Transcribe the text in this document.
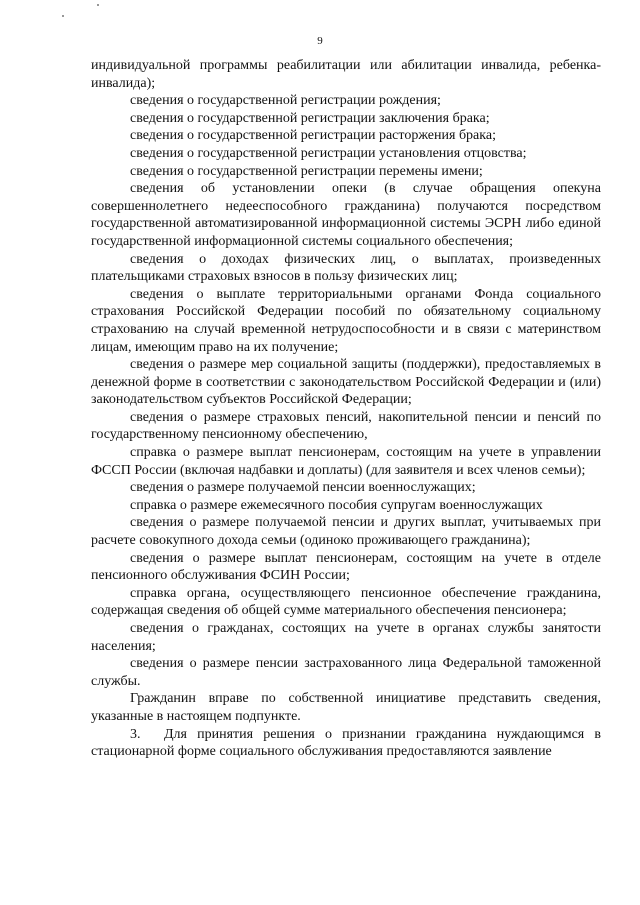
9

индивидуальной программы реабилитации или абилитации инвалида, ребенка-инвалида);

сведения о государственной регистрации рождения;

сведения о государственной регистрации заключения брака;

сведения о государственной регистрации расторжения брака;

сведения о государственной регистрации установления отцовства;

сведения о государственной регистрации перемены имени;

сведения об установлении опеки (в случае обращения опекуна совершеннолетнего недееспособного гражданина) получаются посредством государственной автоматизированной информационной системы ЭСРН либо единой государственной информационной системы социального обеспечения;

сведения о доходах физических лиц, о выплатах, произведенных плательщиками страховых взносов в пользу физических лиц;

сведения о выплате территориальными органами Фонда социального страхования Российской Федерации пособий по обязательному социальному страхованию на случай временной нетрудоспособности и в связи с материнством лицам, имеющим право на их получение;

сведения о размере мер социальной защиты (поддержки), предоставляемых в денежной форме в соответствии с законодательством Российской Федерации и (или) законодательством субъектов Российской Федерации;

сведения о размере страховых пенсий, накопительной пенсии и пенсий по государственному пенсионному обеспечению,

справка о размере выплат пенсионерам, состоящим на учете в управлении ФССП России (включая надбавки и доплаты) (для заявителя и всех членов семьи);

сведения о размере получаемой пенсии военнослужащих;

справка о размере ежемесячного пособия супругам военнослужащих

сведения о размере получаемой пенсии и других выплат, учитываемых при расчете совокупного дохода семьи (одиноко проживающего гражданина);

сведения о размере выплат пенсионерам, состоящим на учете в отделе пенсионного обслуживания ФСИН России;

справка органа, осуществляющего пенсионное обеспечение гражданина, содержащая сведения об общей сумме материального обеспечения пенсионера;

сведения о гражданах, состоящих на учете в органах службы занятости населения;

сведения о размере пенсии застрахованного лица Федеральной таможенной службы.

Гражданин вправе по собственной инициативе представить сведения, указанные в настоящем подпункте.

3. Для принятия решения о признании гражданина нуждающимся в стационарной форме социального обслуживания предоставляются заявление
